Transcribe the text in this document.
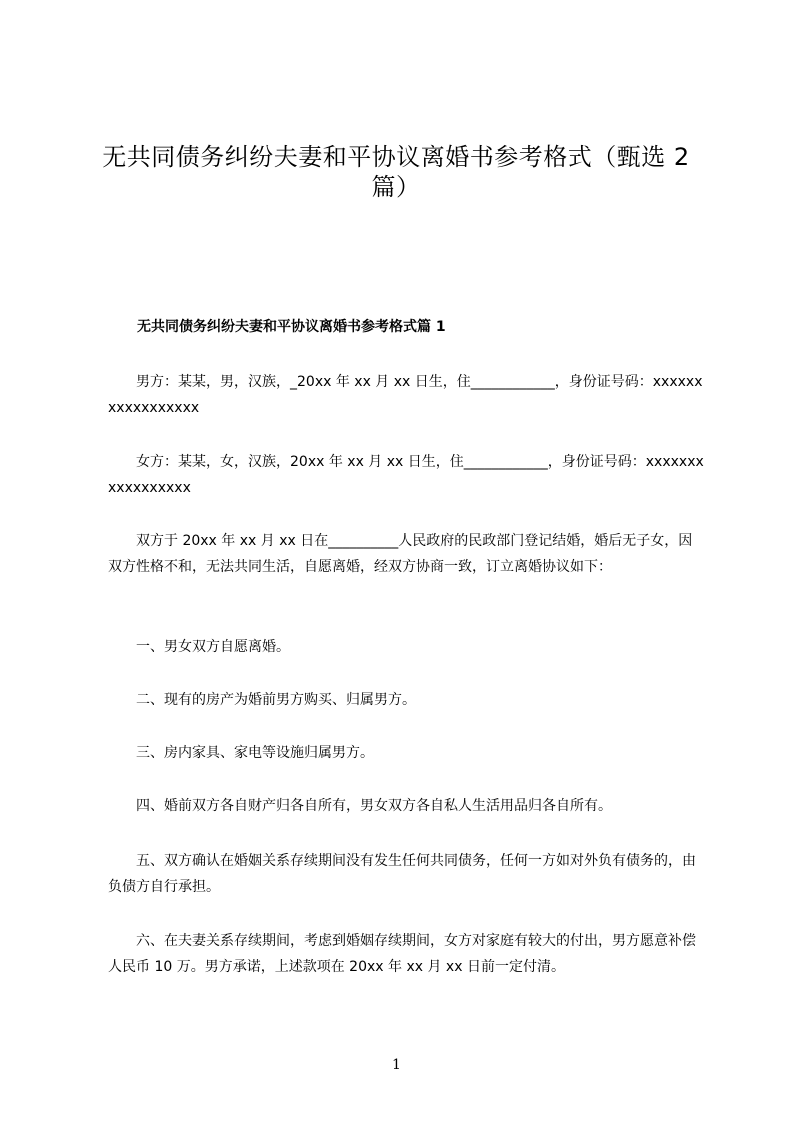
无共同债务纠纷夫妻和平协议离婚书参考格式（甄选 2 篇）
无共同债务纠纷夫妻和平协议离婚书参考格式篇 1
男方：某某，男，汉族，_20xx 年 xx 月 xx 日生，住____________，身份证号码：xxxxxxxxxxxxxxxxx
女方：某某，女，汉族，20xx 年 xx 月 xx 日生，住____________，身份证号码：xxxxxxxxxxxxxxxxx
双方于 20xx 年 xx 月 xx 日在__________人民政府的民政部门登记结婚，婚后无子女，因双方性格不和，无法共同生活，自愿离婚，经双方协商一致，订立离婚协议如下：
一、男女双方自愿离婚。
二、现有的房产为婚前男方购买、归属男方。
三、房内家具、家电等设施归属男方。
四、婚前双方各自财产归各自所有，男女双方各自私人生活用品归各自所有。
五、双方确认在婚姻关系存续期间没有发生任何共同债务，任何一方如对外负有债务的，由负债方自行承担。
六、在夫妻关系存续期间，考虑到婚姻存续期间，女方对家庭有较大的付出，男方愿意补偿人民币 10 万。男方承诺，上述款项在 20xx 年 xx 月 xx 日前一定付清。
1
